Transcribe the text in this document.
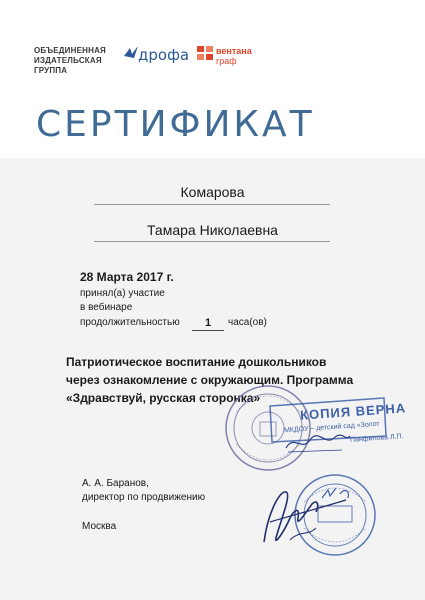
ОБЪЕДИНЕННАЯ
ИЗДАТЕЛЬСКАЯ
ГРУППА
дрофа	вентана
граф
СЕРТИФИКАТ
Комарова
Тамара Николаевна
28 Марта 2017 г.
принял(а) участие
в вебинаре
продолжительностью	1	часа(ов)
Патриотическое воспитание дошкольников
через ознакомление с окружающим. Программа
«Здравствуй, русская сторонка»
КОПИЯ ВЕРНА
МКДОУ – детский сад «Золот
Панфилова Л.П.
А. А. Баранов,
директор по продвижению
Москва
